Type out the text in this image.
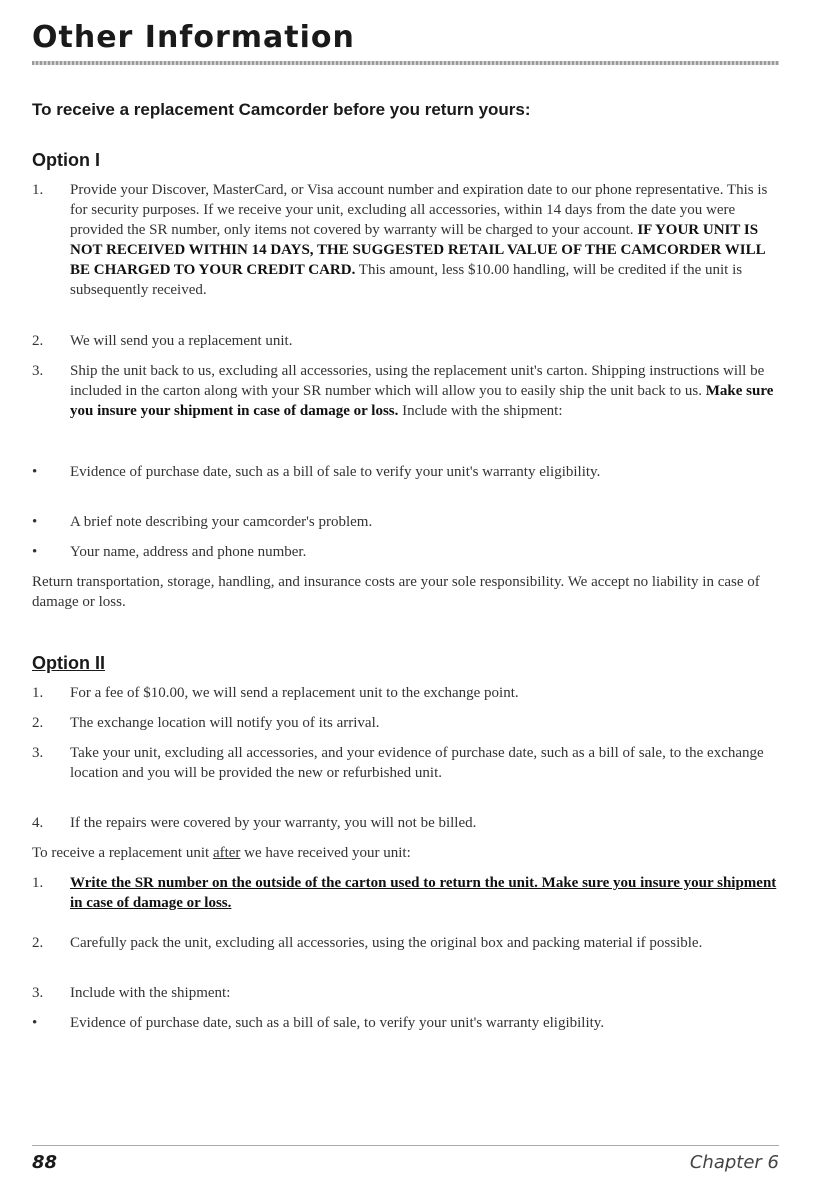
Other Information
To receive a replacement Camcorder before you return yours:
Option I
1.	Provide your Discover, MasterCard, or Visa account number and expiration date to our phone representative. This is for security purposes. If we receive your unit, excluding all accessories, within 14 days from the date you were provided the SR number, only items not covered by warranty will be charged to your account. IF YOUR UNIT IS NOT RECEIVED WITHIN 14 DAYS, THE SUGGESTED RETAIL VALUE OF THE CAMCORDER WILL BE CHARGED TO YOUR CREDIT CARD. This amount, less $10.00 handling, will be credited if the unit is subsequently received.
2.	We will send you a replacement unit.
3.	Ship the unit back to us, excluding all accessories, using the replacement unit's carton. Shipping instructions will be included in the carton along with your SR number which will allow you to easily ship the unit back to us. Make sure you insure your shipment in case of damage or loss. Include with the shipment:
•	Evidence of purchase date, such as a bill of sale to verify your unit's warranty eligibility.
•	A brief note describing your camcorder's problem.
•	Your name, address and phone number.
Return transportation, storage, handling, and insurance costs are your sole responsibility. We accept no liability in case of damage or loss.
Option II
1.	For a fee of $10.00, we will send a replacement unit to the exchange point.
2.	The exchange location will notify you of its arrival.
3.	Take your unit, excluding all accessories, and your evidence of purchase date, such as a bill of sale, to the exchange location and you will be provided the new or refurbished unit.
4.	If the repairs were covered by your warranty, you will not be billed.
To receive a replacement unit after we have received your unit:
1.	Write the SR number on the outside of the carton used to return the unit. Make sure you insure your shipment in case of damage or loss.
2.	Carefully pack the unit, excluding all accessories, using the original box and packing material if possible.
3.	Include with the shipment:
•	Evidence of purchase date, such as a bill of sale, to verify your unit's warranty eligibility.
88	Chapter 6
